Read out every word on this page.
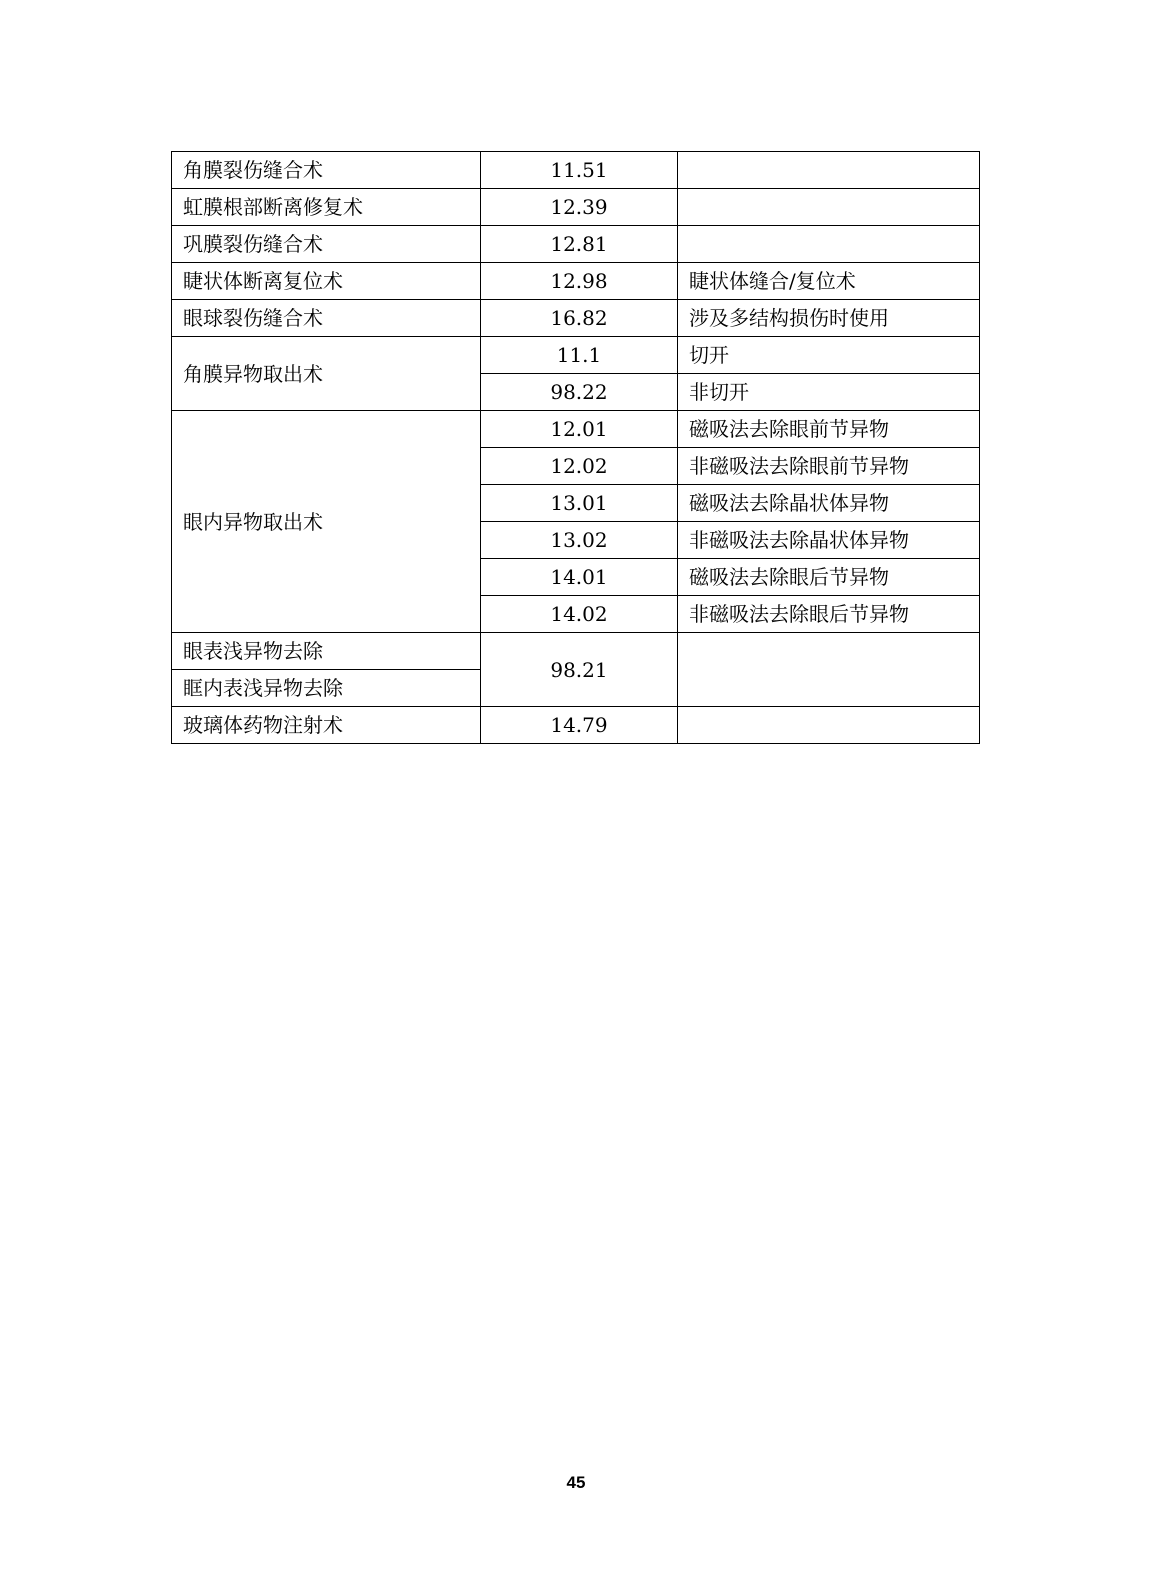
角膜裂伤缝合术	11.51	
虹膜根部断离修复术	12.39	
巩膜裂伤缝合术	12.81	
睫状体断离复位术	12.98	睫状体缝合/复位术
眼球裂伤缝合术	16.82	涉及多结构损伤时使用
角膜异物取出术	11.1	切开
	98.22	非切开
眼内异物取出术	12.01	磁吸法去除眼前节异物
	12.02	非磁吸法去除眼前节异物
	13.01	磁吸法去除晶状体异物
	13.02	非磁吸法去除晶状体异物
	14.01	磁吸法去除眼后节异物
	14.02	非磁吸法去除眼后节异物
眼表浅异物去除	98.21	
眶内表浅异物去除		
玻璃体药物注射术	14.79	
45
